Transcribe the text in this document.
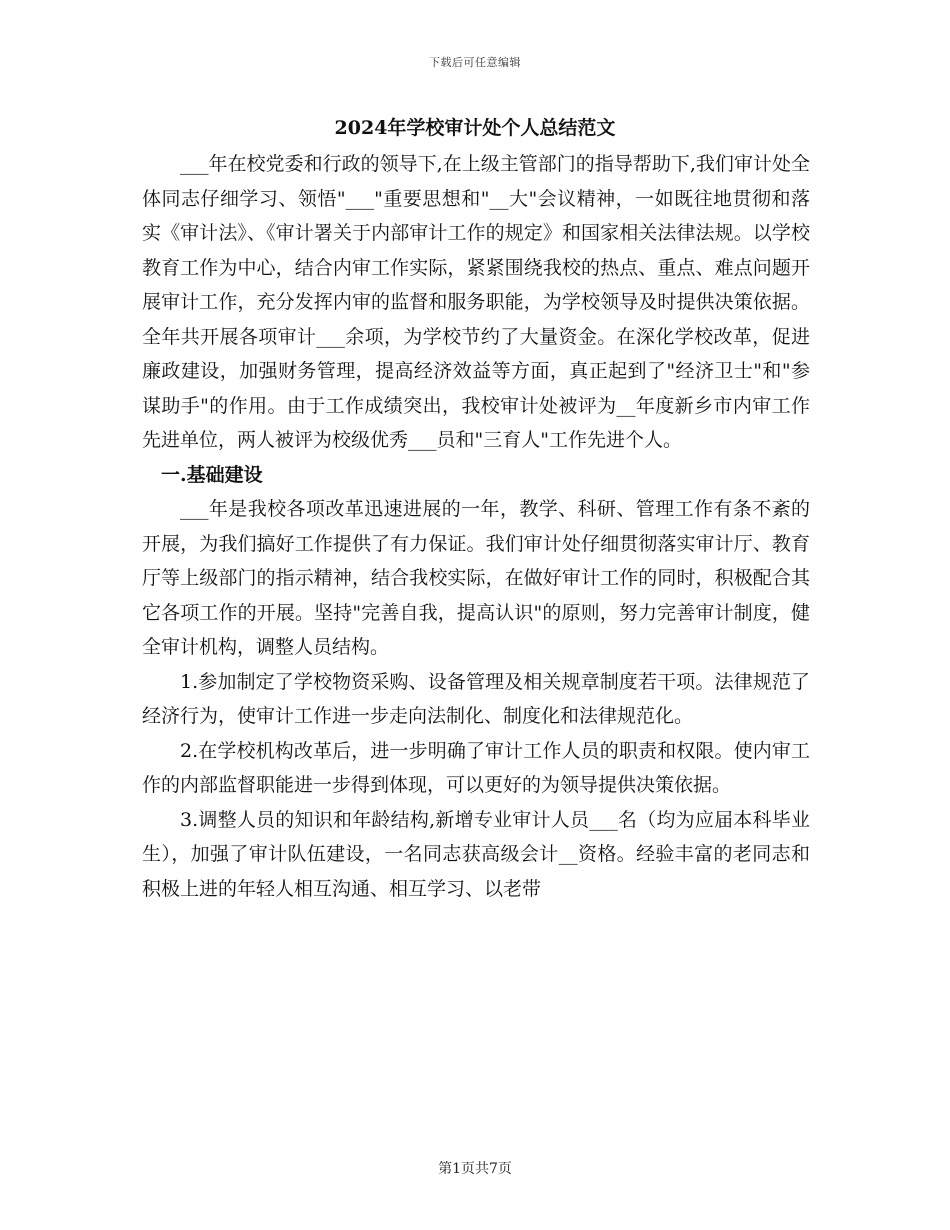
下载后可任意编辑
2024年学校审计处个人总结范文

___年在校党委和行政的领导下,在上级主管部门的指导帮助下,我们审计处全体同志仔细学习、领悟"___"重要思想和"__大"会议精神，一如既往地贯彻和落实《审计法》、《审计署关于内部审计工作的规定》和国家相关法律法规。以学校教育工作为中心，结合内审工作实际，紧紧围绕我校的热点、重点、难点问题开展审计工作，充分发挥内审的监督和服务职能，为学校领导及时提供决策依据。全年共开展各项审计___余项，为学校节约了大量资金。在深化学校改革，促进廉政建设，加强财务管理，提高经济效益等方面，真正起到了"经济卫士"和"参谋助手"的作用。由于工作成绩突出，我校审计处被评为__年度新乡市内审工作先进单位，两人被评为校级优秀___员和"三育人"工作先进个人。

一.基础建设

___年是我校各项改革迅速进展的一年，教学、科研、管理工作有条不紊的开展，为我们搞好工作提供了有力保证。我们审计处仔细贯彻落实审计厅、教育厅等上级部门的指示精神，结合我校实际，在做好审计工作的同时，积极配合其它各项工作的开展。坚持"完善自我，提高认识"的原则，努力完善审计制度，健全审计机构，调整人员结构。

1.参加制定了学校物资采购、设备管理及相关规章制度若干项。法律规范了经济行为，使审计工作进一步走向法制化、制度化和法律规范化。

2.在学校机构改革后，进一步明确了审计工作人员的职责和权限。使内审工作的内部监督职能进一步得到体现，可以更好的为领导提供决策依据。

3.调整人员的知识和年龄结构,新增专业审计人员___名（均为应届本科毕业生），加强了审计队伍建设，一名同志获高级会计__资格。经验丰富的老同志和积极上进的年轻人相互沟通、相互学习、以老带

第1页共7页
